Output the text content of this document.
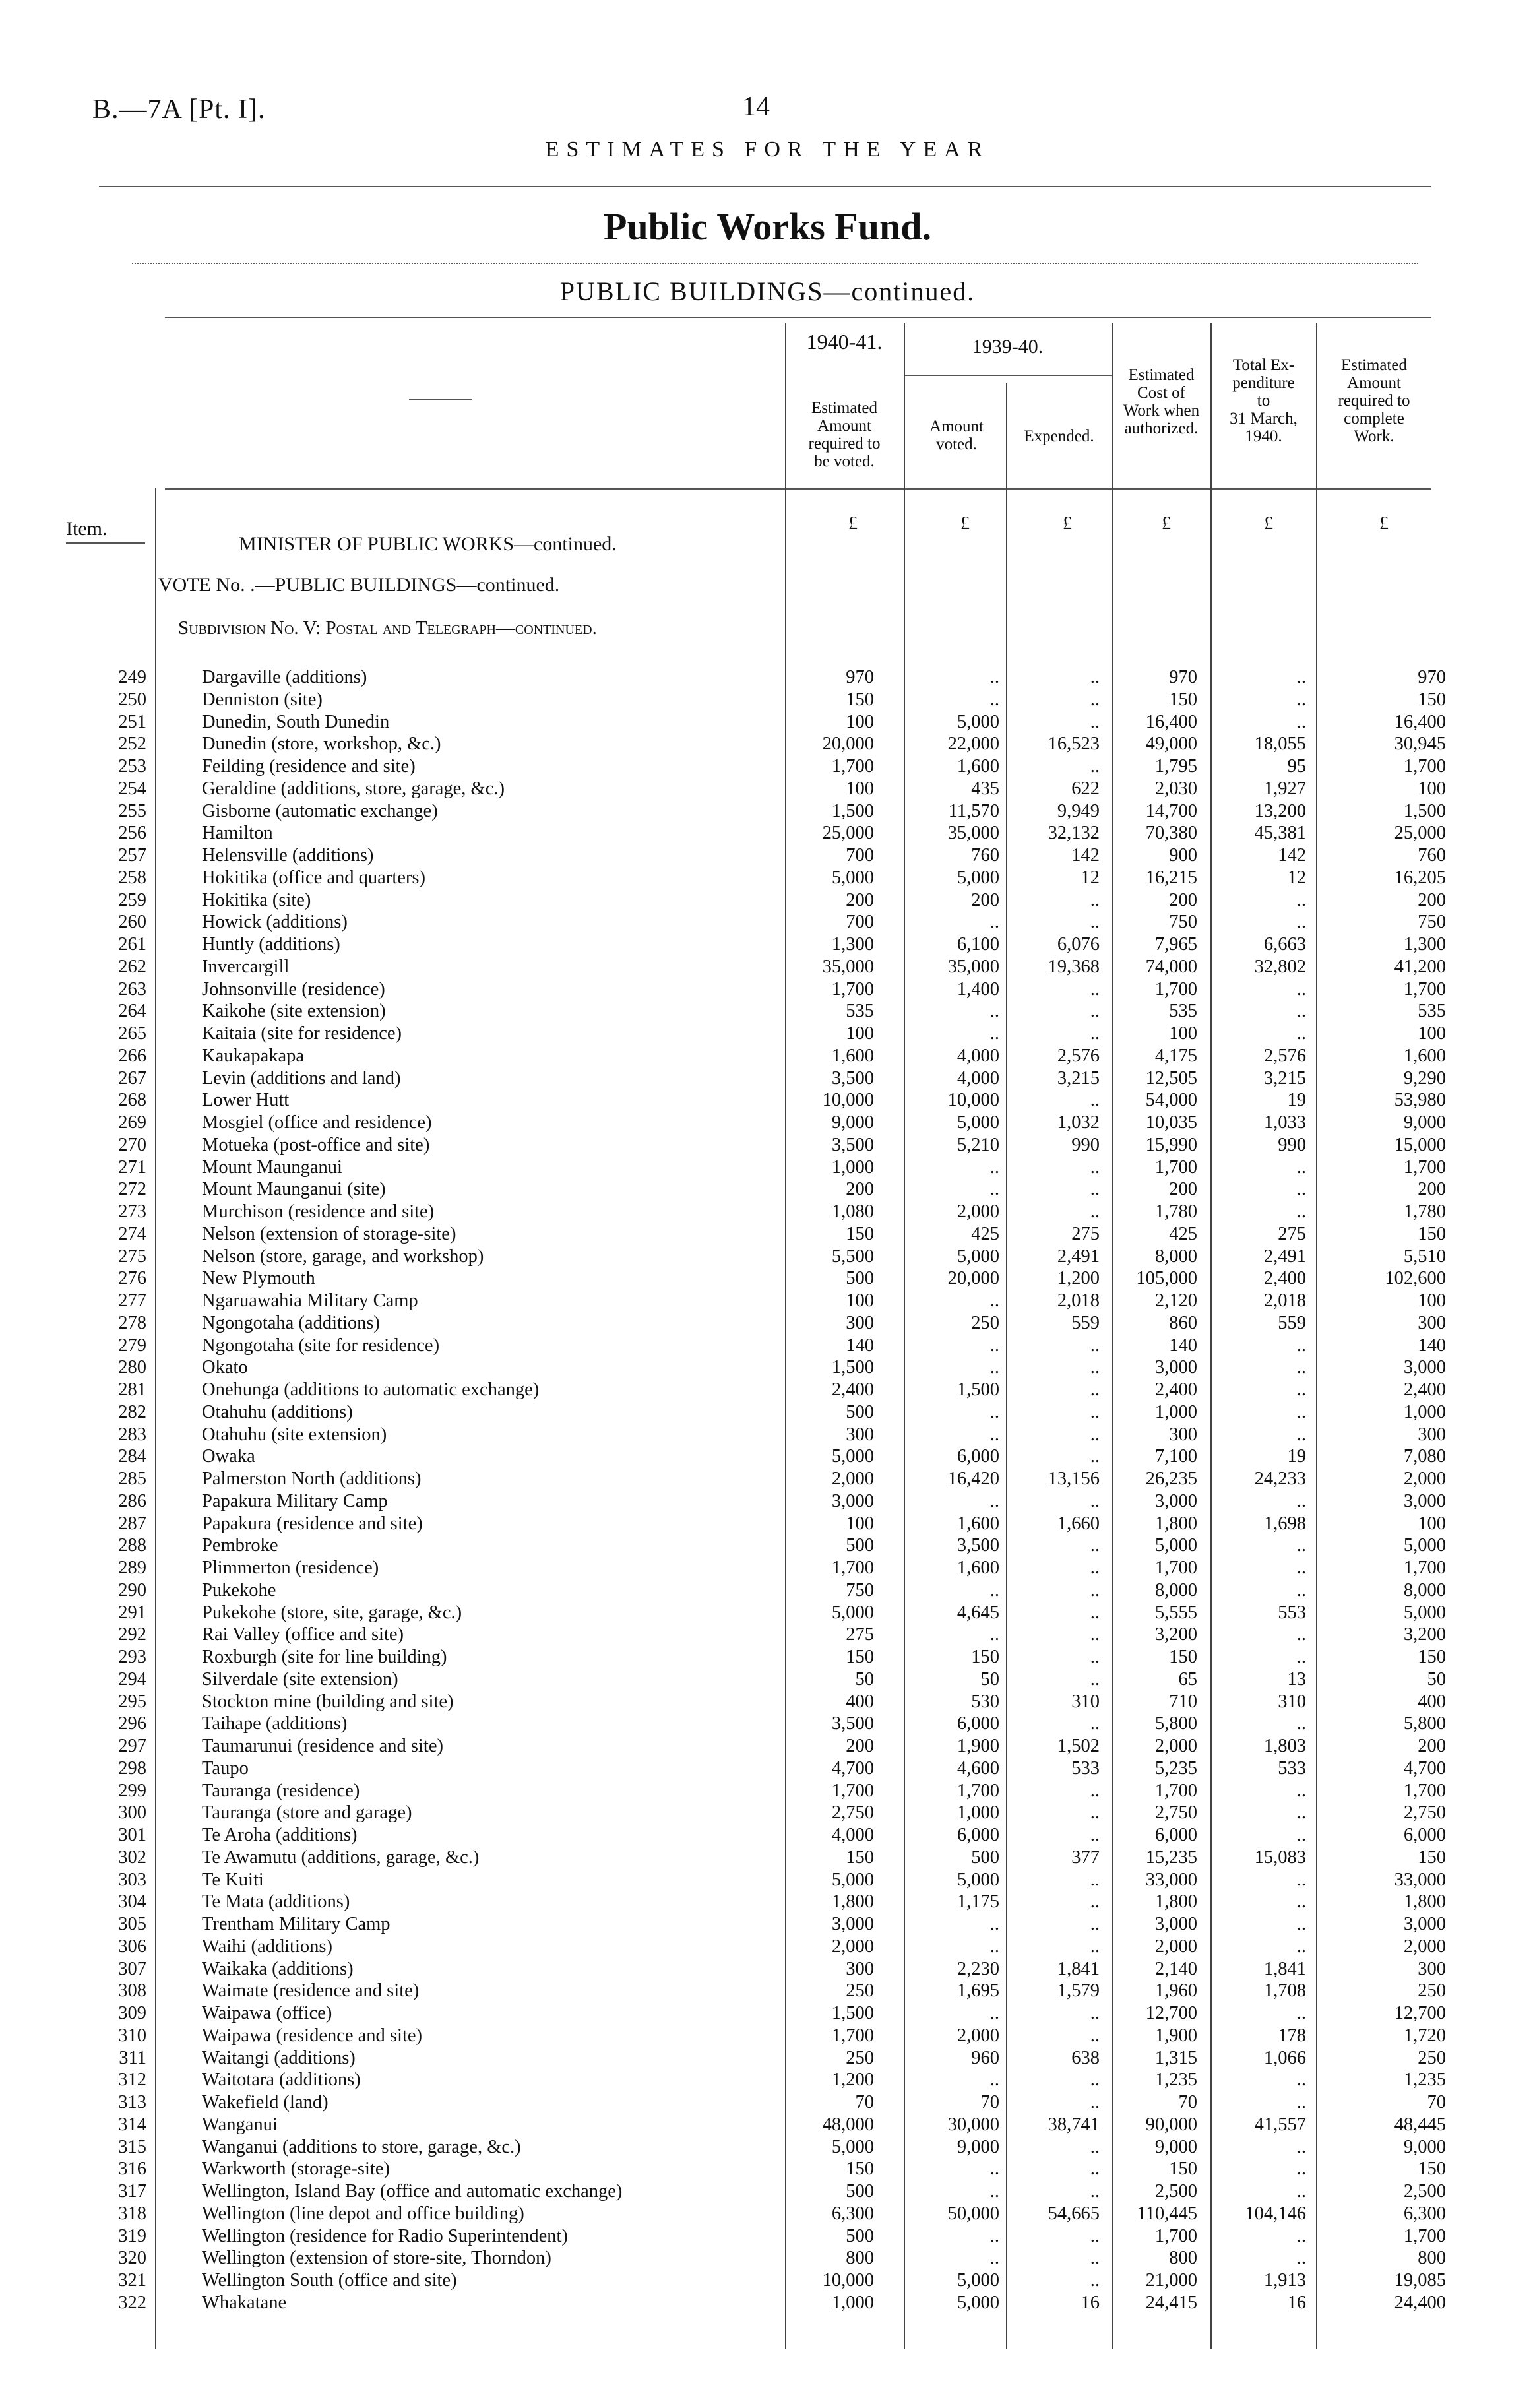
B.—7A [Pt. I].	14
ESTIMATES FOR THE YEAR
Public Works Fund.
PUBLIC BUILDINGS—continued.
1940-41.	1939-40.
Estimated
Amount
required to
be voted.
Amount
voted.	Expended.
Estimated
Cost of
Work when
authorized.
Total Ex-
penditure
to
31 March,
1940.
Estimated
Amount
required to
complete
Work.
£	£	£	£	£	£
Item.
MINISTER OF PUBLIC WORKS—continued.
VOTE No. .—PUBLIC BUILDINGS—continued.
Subdivision No. V: Postal and Telegraph—continued.
249	Dargaville (additions)	970	..	..	970	..	970
250	Denniston (site)	150	..	..	150	..	150
251	Dunedin, South Dunedin	100	5,000	..	16,400	..	16,400
252	Dunedin (store, workshop, &c.)	20,000	22,000	16,523	49,000	18,055	30,945
253	Feilding (residence and site)	1,700	1,600	..	1,795	95	1,700
254	Geraldine (additions, store, garage, &c.)	100	435	622	2,030	1,927	100
255	Gisborne (automatic exchange)	1,500	11,570	9,949	14,700	13,200	1,500
256	Hamilton	25,000	35,000	32,132	70,380	45,381	25,000
257	Helensville (additions)	700	760	142	900	142	760
258	Hokitika (office and quarters)	5,000	5,000	12	16,215	12	16,205
259	Hokitika (site)	200	200	..	200	..	200
260	Howick (additions)	700	..	..	750	..	750
261	Huntly (additions)	1,300	6,100	6,076	7,965	6,663	1,300
262	Invercargill	35,000	35,000	19,368	74,000	32,802	41,200
263	Johnsonville (residence)	1,700	1,400	..	1,700	..	1,700
264	Kaikohe (site extension)	535	..	..	535	..	535
265	Kaitaia (site for residence)	100	..	..	100	..	100
266	Kaukapakapa	1,600	4,000	2,576	4,175	2,576	1,600
267	Levin (additions and land)	3,500	4,000	3,215	12,505	3,215	9,290
268	Lower Hutt	10,000	10,000	..	54,000	19	53,980
269	Mosgiel (office and residence)	9,000	5,000	1,032	10,035	1,033	9,000
270	Motueka (post-office and site)	3,500	5,210	990	15,990	990	15,000
271	Mount Maunganui	1,000	..	..	1,700	..	1,700
272	Mount Maunganui (site)	200	..	..	200	..	200
273	Murchison (residence and site)	1,080	2,000	..	1,780	..	1,780
274	Nelson (extension of storage-site)	150	425	275	425	275	150
275	Nelson (store, garage, and workshop)	5,500	5,000	2,491	8,000	2,491	5,510
276	New Plymouth	500	20,000	1,200	105,000	2,400	102,600
277	Ngaruawahia Military Camp	100	..	2,018	2,120	2,018	100
278	Ngongotaha (additions)	300	250	559	860	559	300
279	Ngongotaha (site for residence)	140	..	..	140	..	140
280	Okato	1,500	..	..	3,000	..	3,000
281	Onehunga (additions to automatic exchange)	2,400	1,500	..	2,400	..	2,400
282	Otahuhu (additions)	500	..	..	1,000	..	1,000
283	Otahuhu (site extension)	300	..	..	300	..	300
284	Owaka	5,000	6,000	..	7,100	19	7,080
285	Palmerston North (additions)	2,000	16,420	13,156	26,235	24,233	2,000
286	Papakura Military Camp	3,000	..	..	3,000	..	3,000
287	Papakura (residence and site)	100	1,600	1,660	1,800	1,698	100
288	Pembroke	500	3,500	..	5,000	..	5,000
289	Plimmerton (residence)	1,700	1,600	..	1,700	..	1,700
290	Pukekohe	750	..	..	8,000	..	8,000
291	Pukekohe (store, site, garage, &c.)	5,000	4,645	..	5,555	553	5,000
292	Rai Valley (office and site)	275	..	..	3,200	..	3,200
293	Roxburgh (site for line building)	150	150	..	150	..	150
294	Silverdale (site extension)	50	50	..	65	13	50
295	Stockton mine (building and site)	400	530	310	710	310	400
296	Taihape (additions)	3,500	6,000	..	5,800	..	5,800
297	Taumarunui (residence and site)	200	1,900	1,502	2,000	1,803	200
298	Taupo	4,700	4,600	533	5,235	533	4,700
299	Tauranga (residence)	1,700	1,700	..	1,700	..	1,700
300	Tauranga (store and garage)	2,750	1,000	..	2,750	..	2,750
301	Te Aroha (additions)	4,000	6,000	..	6,000	..	6,000
302	Te Awamutu (additions, garage, &c.)	150	500	377	15,235	15,083	150
303	Te Kuiti	5,000	5,000	..	33,000	..	33,000
304	Te Mata (additions)	1,800	1,175	..	1,800	..	1,800
305	Trentham Military Camp	3,000	..	..	3,000	..	3,000
306	Waihi (additions)	2,000	..	..	2,000	..	2,000
307	Waikaka (additions)	300	2,230	1,841	2,140	1,841	300
308	Waimate (residence and site)	250	1,695	1,579	1,960	1,708	250
309	Waipawa (office)	1,500	..	..	12,700	..	12,700
310	Waipawa (residence and site)	1,700	2,000	..	1,900	178	1,720
311	Waitangi (additions)	250	960	638	1,315	1,066	250
312	Waitotara (additions)	1,200	..	..	1,235	..	1,235
313	Wakefield (land)	70	70	..	70	..	70
314	Wanganui	48,000	30,000	38,741	90,000	41,557	48,445
315	Wanganui (additions to store, garage, &c.)	5,000	9,000	..	9,000	..	9,000
316	Warkworth (storage-site)	150	..	..	150	..	150
317	Wellington, Island Bay (office and automatic exchange)	500	..	..	2,500	..	2,500
318	Wellington (line depot and office building)	6,300	50,000	54,665	110,445	104,146	6,300
319	Wellington (residence for Radio Superintendent)	500	..	..	1,700	..	1,700
320	Wellington (extension of store-site, Thorndon)	800	..	..	800	..	800
321	Wellington South (office and site)	10,000	5,000	..	21,000	1,913	19,085
322	Whakatane	1,000	5,000	16	24,415	16	24,400
